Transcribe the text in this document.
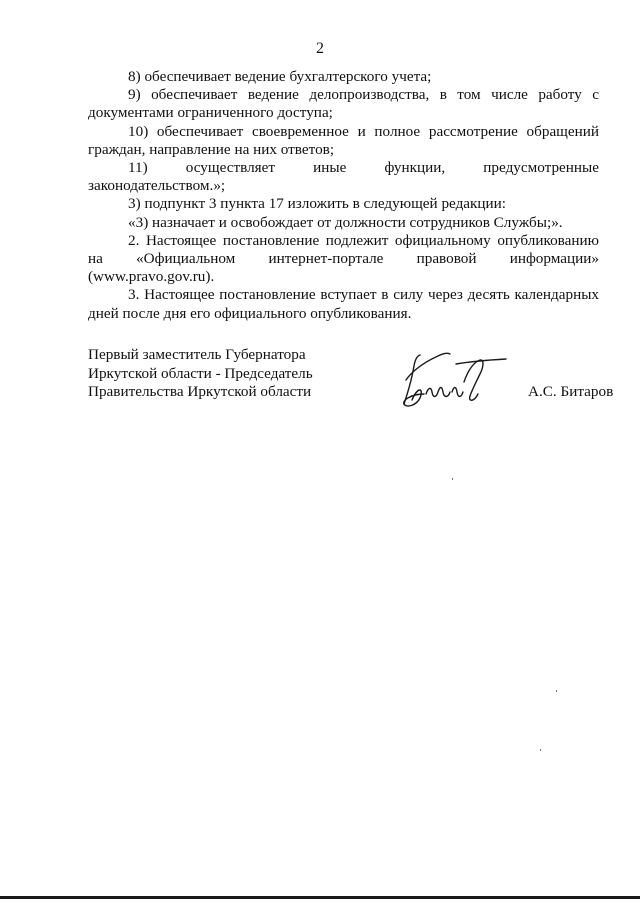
2

8) обеспечивает ведение бухгалтерского учета;

9) обеспечивает ведение делопроизводства, в том числе работу с документами ограниченного доступа;

10) обеспечивает своевременное и полное рассмотрение обращений граждан, направление на них ответов;

11) осуществляет иные функции, предусмотренные законодательством.»;

3) подпункт 3 пункта 17 изложить в следующей редакции:

«3) назначает и освобождает от должности сотрудников Службы;».

2. Настоящее постановление подлежит официальному опубликованию на «Официальном интернет-портале правовой информации» (www.pravo.gov.ru).

3. Настоящее постановление вступает в силу через десять календарных дней после дня его официального опубликования.

Первый заместитель Губернатора
Иркутской области - Председатель
Правительства Иркутской области	А.С. Битаров
